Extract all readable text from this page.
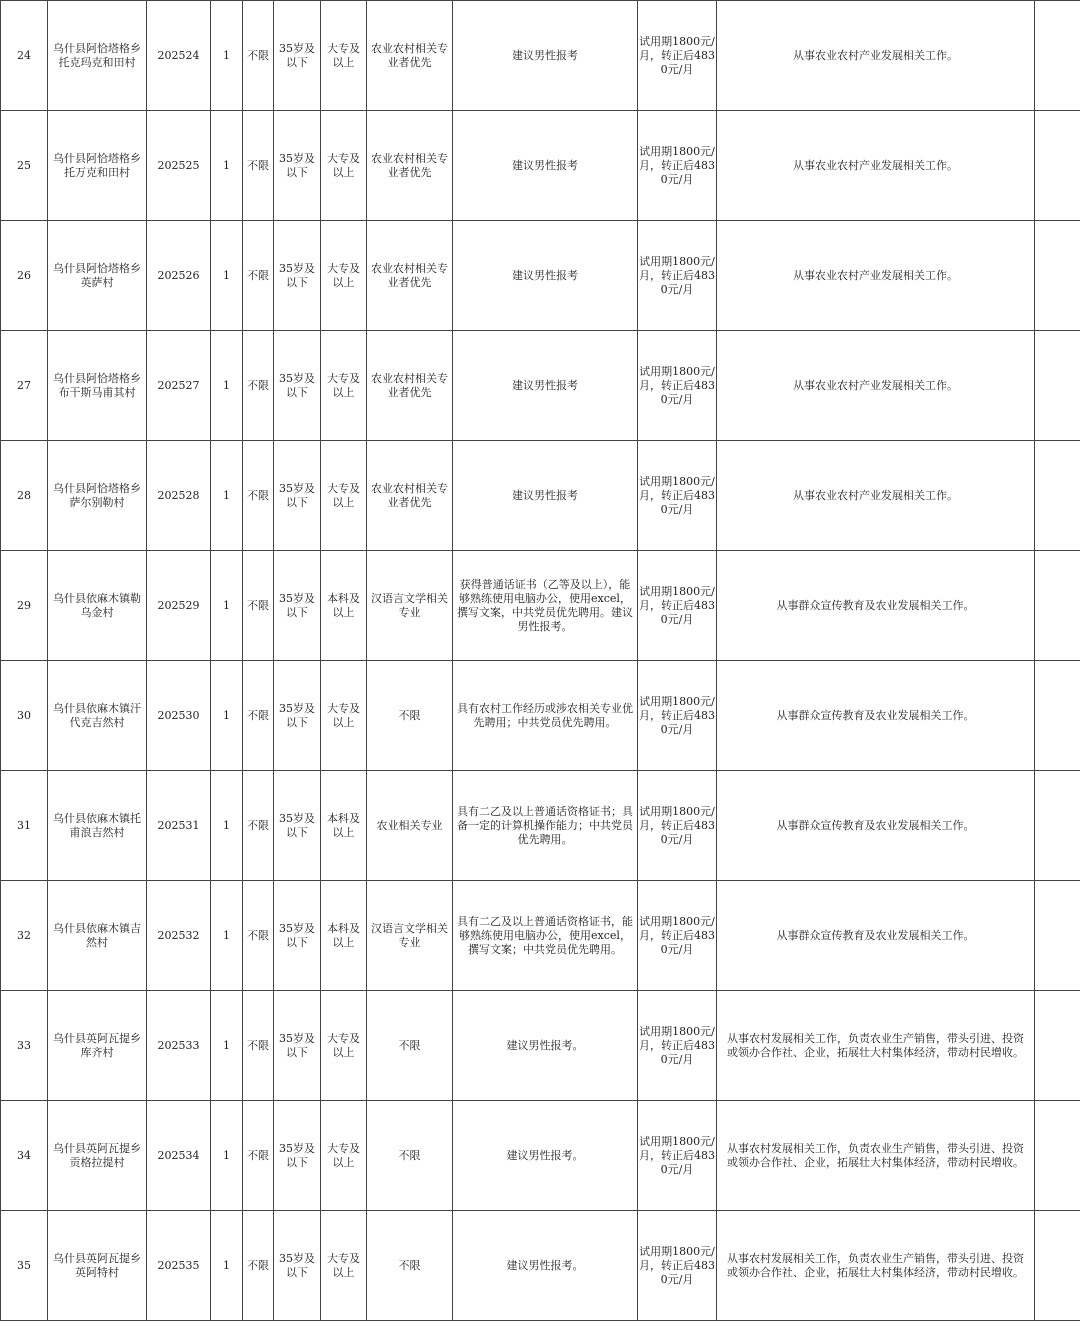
24	乌什县阿恰塔格乡托克玛克和田村	202524	1	不限	35岁及以下	大专及以上	农业农村相关专业者优先	建议男性报考	试用期1800元/月，转正后4830元/月	从事农业农村产业发展相关工作。	
25	乌什县阿恰塔格乡托万克和田村	202525	1	不限	35岁及以下	大专及以上	农业农村相关专业者优先	建议男性报考	试用期1800元/月，转正后4830元/月	从事农业农村产业发展相关工作。	
26	乌什县阿恰塔格乡英萨村	202526	1	不限	35岁及以下	大专及以上	农业农村相关专业者优先	建议男性报考	试用期1800元/月，转正后4830元/月	从事农业农村产业发展相关工作。	
27	乌什县阿恰塔格乡布干斯马甫其村	202527	1	不限	35岁及以下	大专及以上	农业农村相关专业者优先	建议男性报考	试用期1800元/月，转正后4830元/月	从事农业农村产业发展相关工作。	
28	乌什县阿恰塔格乡萨尔别勒村	202528	1	不限	35岁及以下	大专及以上	农业农村相关专业者优先	建议男性报考	试用期1800元/月，转正后4830元/月	从事农业农村产业发展相关工作。	
29	乌什县依麻木镇勒乌金村	202529	1	不限	35岁及以下	本科及以上	汉语言文学相关专业	获得普通话证书（乙等及以上），能够熟练使用电脑办公，使用excel，撰写文案，中共党员优先聘用。建议男性报考。	试用期1800元/月，转正后4830元/月	从事群众宣传教育及农业发展相关工作。	
30	乌什县依麻木镇汗代克吉然村	202530	1	不限	35岁及以下	大专及以上	不限	具有农村工作经历或涉农相关专业优先聘用；中共党员优先聘用。	试用期1800元/月，转正后4830元/月	从事群众宣传教育及农业发展相关工作。	
31	乌什县依麻木镇托甫浪吉然村	202531	1	不限	35岁及以下	本科及以上	农业相关专业	具有二乙及以上普通话资格证书；具备一定的计算机操作能力；中共党员优先聘用。	试用期1800元/月，转正后4830元/月	从事群众宣传教育及农业发展相关工作。	
32	乌什县依麻木镇吉然村	202532	1	不限	35岁及以下	本科及以上	汉语言文学相关专业	具有二乙及以上普通话资格证书，能够熟练使用电脑办公，使用excel，撰写文案；中共党员优先聘用。	试用期1800元/月，转正后4830元/月	从事群众宣传教育及农业发展相关工作。	
33	乌什县英阿瓦提乡库齐村	202533	1	不限	35岁及以下	大专及以上	不限	建议男性报考。	试用期1800元/月，转正后4830元/月	从事农村发展相关工作，负责农业生产销售，带头引进、投资或领办合作社、企业，拓展壮大村集体经济，带动村民增收。	
34	乌什县英阿瓦提乡贡格拉提村	202534	1	不限	35岁及以下	大专及以上	不限	建议男性报考。	试用期1800元/月，转正后4830元/月	从事农村发展相关工作，负责农业生产销售，带头引进、投资或领办合作社、企业，拓展壮大村集体经济，带动村民增收。	
35	乌什县英阿瓦提乡英阿特村	202535	1	不限	35岁及以下	大专及以上	不限	建议男性报考。	试用期1800元/月，转正后4830元/月	从事农村发展相关工作，负责农业生产销售，带头引进、投资或领办合作社、企业，拓展壮大村集体经济，带动村民增收。	
